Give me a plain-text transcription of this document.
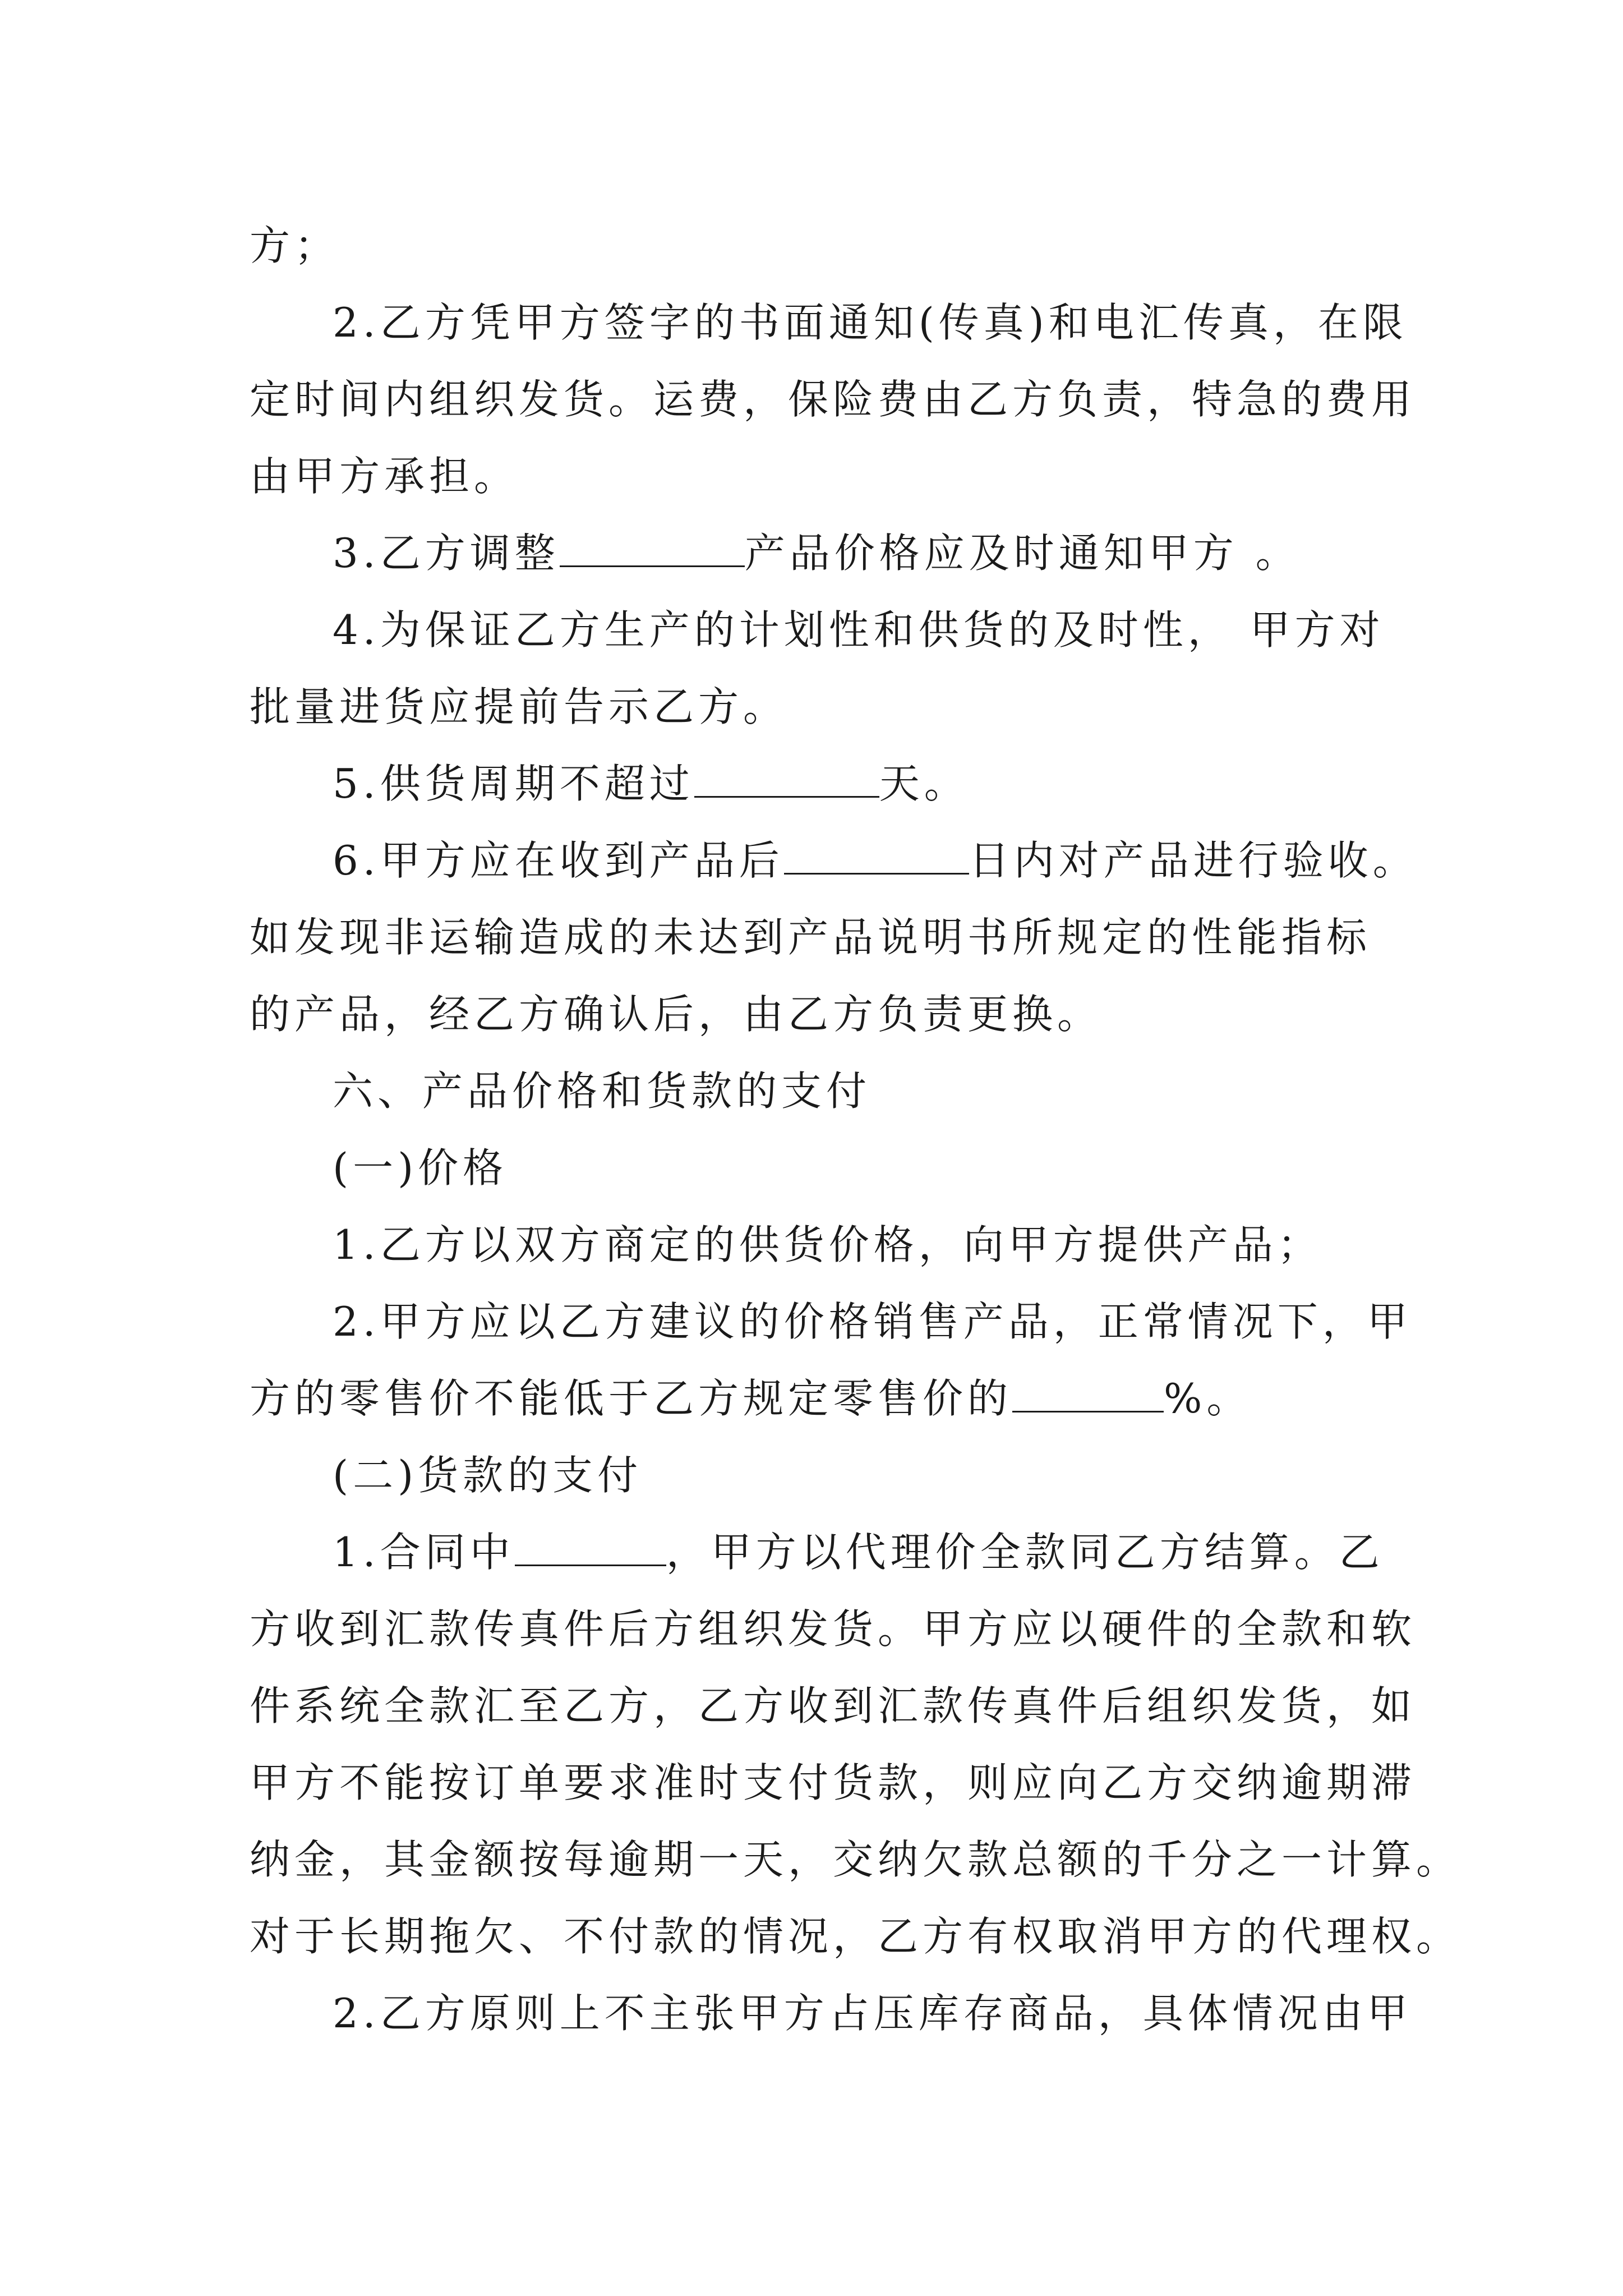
方；
2.乙方凭甲方签字的书面通知(传真)和电汇传真，在限
定时间内组织发货。运费，保险费由乙方负责，特急的费用
由甲方承担。
3.乙方调整	产品价格应及时通知甲方 。
4.为保证乙方生产的计划性和供货的及时性， 甲方对
批量进货应提前告示乙方。
5.供货周期不超过	天。
6.甲方应在收到产品后	日内对产品进行验收。
如发现非运输造成的未达到产品说明书所规定的性能指标
的产品，经乙方确认后，由乙方负责更换。
六、产品价格和货款的支付
(一)价格
1.乙方以双方商定的供货价格，向甲方提供产品；
2.甲方应以乙方建议的价格销售产品，正常情况下，甲
方的零售价不能低于乙方规定零售价的	%。
(二)货款的支付
1.合同中	，甲方以代理价全款同乙方结算。乙
方收到汇款传真件后方组织发货。甲方应以硬件的全款和软
件系统全款汇至乙方，乙方收到汇款传真件后组织发货，如
甲方不能按订单要求准时支付货款，则应向乙方交纳逾期滞
纳金，其金额按每逾期一天，交纳欠款总额的千分之一计算。
对于长期拖欠、不付款的情况，乙方有权取消甲方的代理权。
2.乙方原则上不主张甲方占压库存商品，具体情况由甲
